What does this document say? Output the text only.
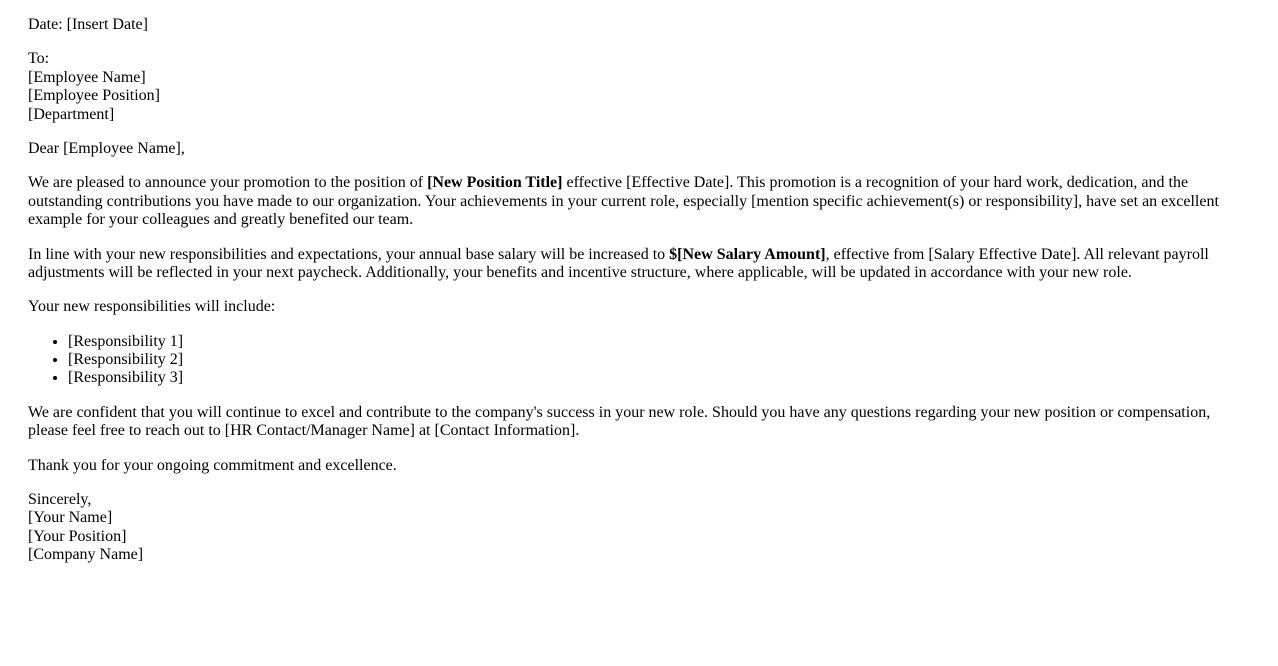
Date: [Insert Date]

To:
[Employee Name]
[Employee Position]
[Department]

Dear [Employee Name],

We are pleased to announce your promotion to the position of [New Position Title] effective [Effective Date]. This promotion is a recognition of your hard work, dedication, and the outstanding contributions you have made to our organization. Your achievements in your current role, especially [mention specific achievement(s) or responsibility], have set an excellent example for your colleagues and greatly benefited our team.

In line with your new responsibilities and expectations, your annual base salary will be increased to $[New Salary Amount], effective from [Salary Effective Date]. All relevant payroll adjustments will be reflected in your next paycheck. Additionally, your benefits and incentive structure, where applicable, will be updated in accordance with your new role.

Your new responsibilities will include:

• [Responsibility 1]
• [Responsibility 2]
• [Responsibility 3]

We are confident that you will continue to excel and contribute to the company's success in your new role. Should you have any questions regarding your new position or compensation, please feel free to reach out to [HR Contact/Manager Name] at [Contact Information].

Thank you for your ongoing commitment and excellence.

Sincerely,
[Your Name]
[Your Position]
[Company Name]
